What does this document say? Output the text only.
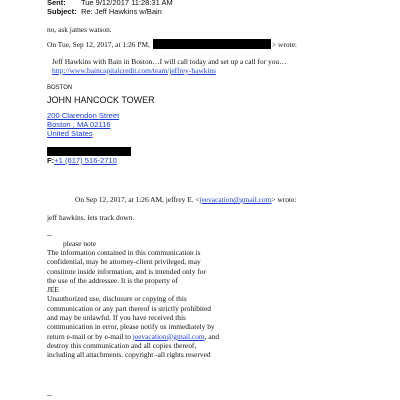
Sent: Tue 9/12/2017 11:28:31 AM
Subject: Re: Jeff Hawkins w/Bain
no, ask james watson.
On Tue, Sep 12, 2017, at 1:26 PM,	> wrote:
Jeff Hawkins with Bain in Boston…I will call today and set up a call for you…
http://www.baincapitalcredit.com/team/jeffrey-hawkins
BOSTON
JOHN HANCOCK TOWER
200 Clarendon Street
Boston , MA 02116
United States
F:+1 (617) 516-2710
On Sep 12, 2017, at 1:26 AM, jeffrey E. <jeevacation@gmail.com> wrote:
jeff hawkins. lets track down.
--
please note
The information contained in this communication is
confidential, may be attorney-client privileged, may
constitute inside information, and is intended only for
the use of the addressee. It is the property of
JEE
Unauthorized use, disclosure or copying of this
communication or any part thereof is strictly prohibited
and may be unlawful. If you have received this
communication in error, please notify us immediately by
return e-mail or by e-mail to jeevacation@gmail.com, and
destroy this communication and all copies thereof,
including all attachments. copyright -all rights reserved
--
